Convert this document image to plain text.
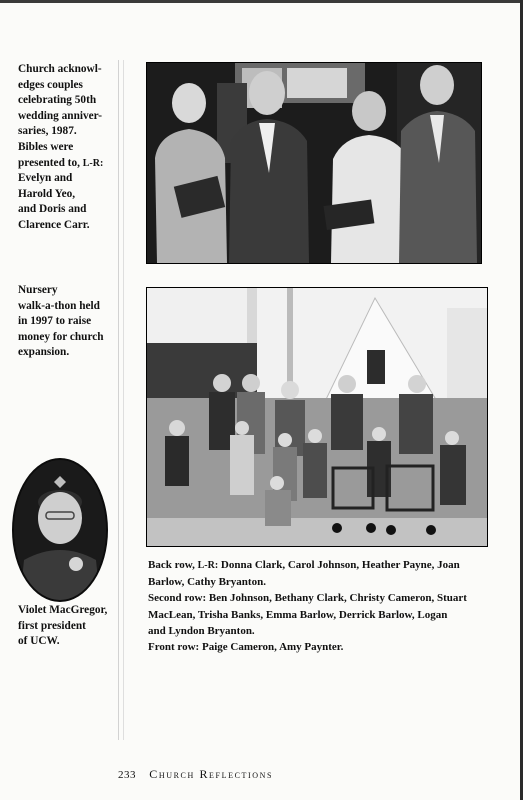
Church acknowl-
edges couples
celebrating 50th
wedding anniver-
saries, 1987.
Bibles were
presented to, L-R:
Evelyn and
Harold Yeo,
and Doris and
Clarence Carr.
Nursery
walk-a-thon held
in 1997 to raise
money for church
expansion.
Violet MacGregor,
first president
of UCW.

Back row, L-R: Donna Clark, Carol Johnson, Heather Payne, Joan

Barlow, Cathy Bryanton.

Second row: Ben Johnson, Bethany Clark, Christy Cameron, Stuart

MacLean, Trisha Banks, Emma Barlow, Derrick Barlow, Logan

and Lyndon Bryanton.

Front row: Paige Cameron, Amy Paynter.

233 Church Reflections
